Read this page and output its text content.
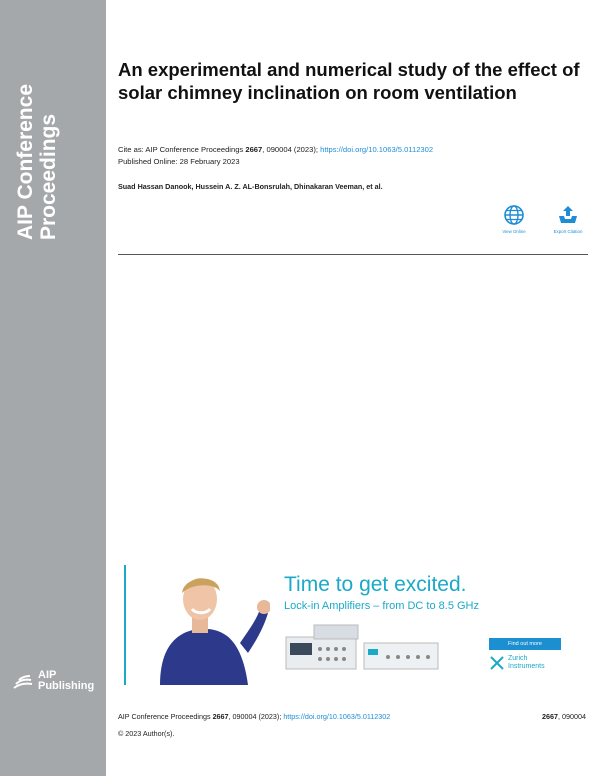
AIP Conference Proceedings
AIP
Publishing
An experimental and numerical study of the effect of solar chimney inclination on room ventilation
Cite as: AIP Conference Proceedings 2667, 090004 (2023); https://doi.org/10.1063/5.0112302
Published Online: 28 February 2023
Suad Hassan Danook, Hussein A. Z. AL-Bonsrulah, Dhinakaran Veeman, et al.
View Online	Export Citation
Time to get excited.
Lock-in Amplifiers – from DC to 8.5 GHz
Find out more
Zurich
Instruments
AIP Conference Proceedings 2667, 090004 (2023); https://doi.org/10.1063/5.0112302	2667, 090004
© 2023 Author(s).
